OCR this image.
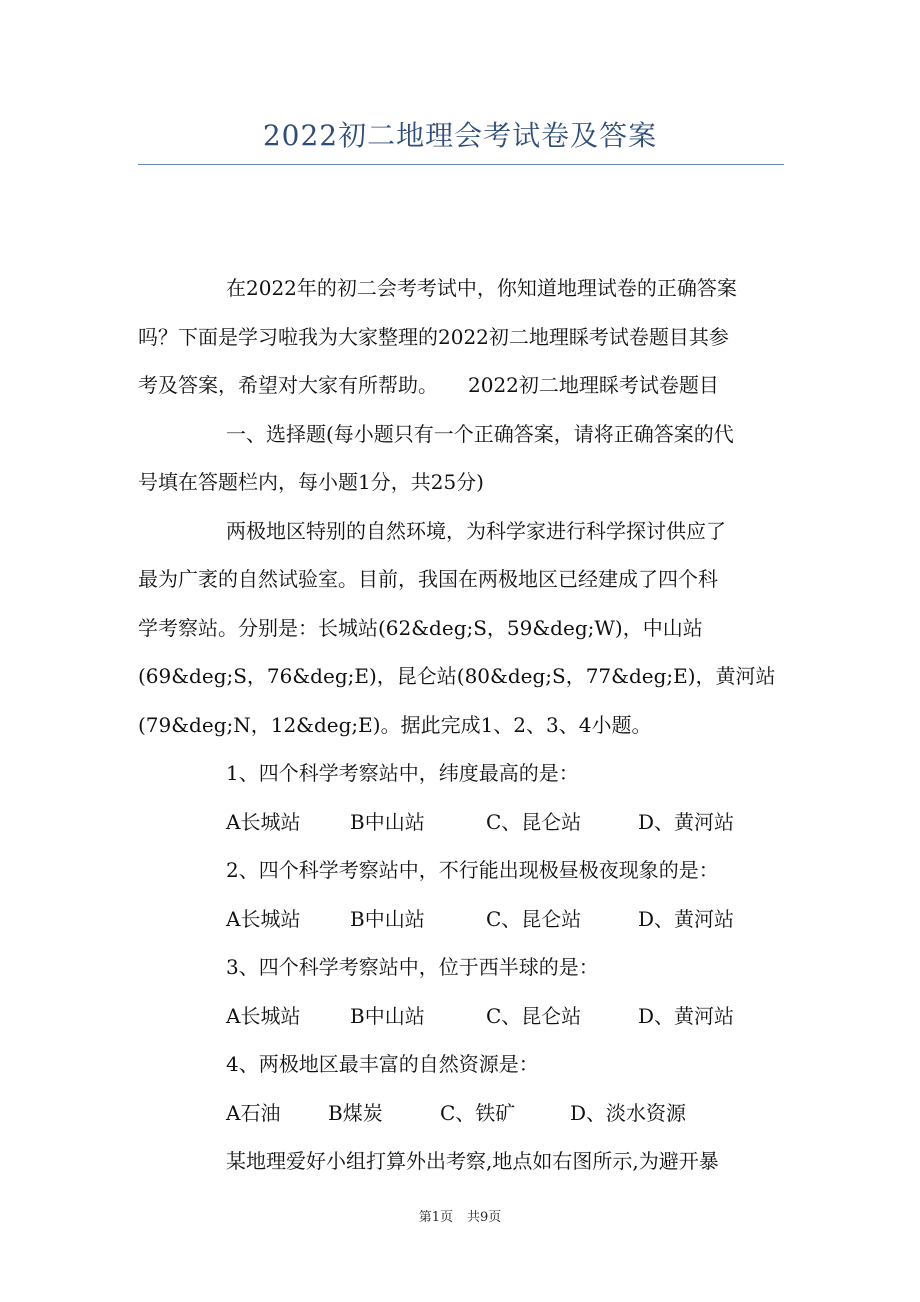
2022初二地理会考试卷及答案

在2022年的初二会考考试中，你知道地理试卷的正确答案

吗？下面是学习啦我为大家整理的2022初二地理睬考试卷题目其参

考及答案，希望对大家有所帮助。　　2022初二地理睬考试卷题目

一、选择题(每小题只有一个正确答案，请将正确答案的代

号填在答题栏内，每小题1分，共25分)

两极地区特别的自然环境，为科学家进行科学探讨供应了

最为广袤的自然试验室。目前，我国在两极地区已经建成了四个科

学考察站。分别是：长城站(62&deg;S，59&deg;W)，中山站

(69&deg;S，76&deg;E)，昆仑站(80&deg;S，77&deg;E)，黄河站

(79&deg;N，12&deg;E)。据此完成1、2、3、4小题。

1、四个科学考察站中，纬度最高的是：

A长城站	B中山站	C、昆仑站	D、黄河站

2、四个科学考察站中，不行能出现极昼极夜现象的是：

A长城站	B中山站	C、昆仑站	D、黄河站

3、四个科学考察站中，位于西半球的是：

A长城站	B中山站	C、昆仑站	D、黄河站

4、两极地区最丰富的自然资源是：

A石油	B煤炭	C、铁矿	D、淡水资源

某地理爱好小组打算外出考察,地点如右图所示,为避开暴

第1页 共9页
